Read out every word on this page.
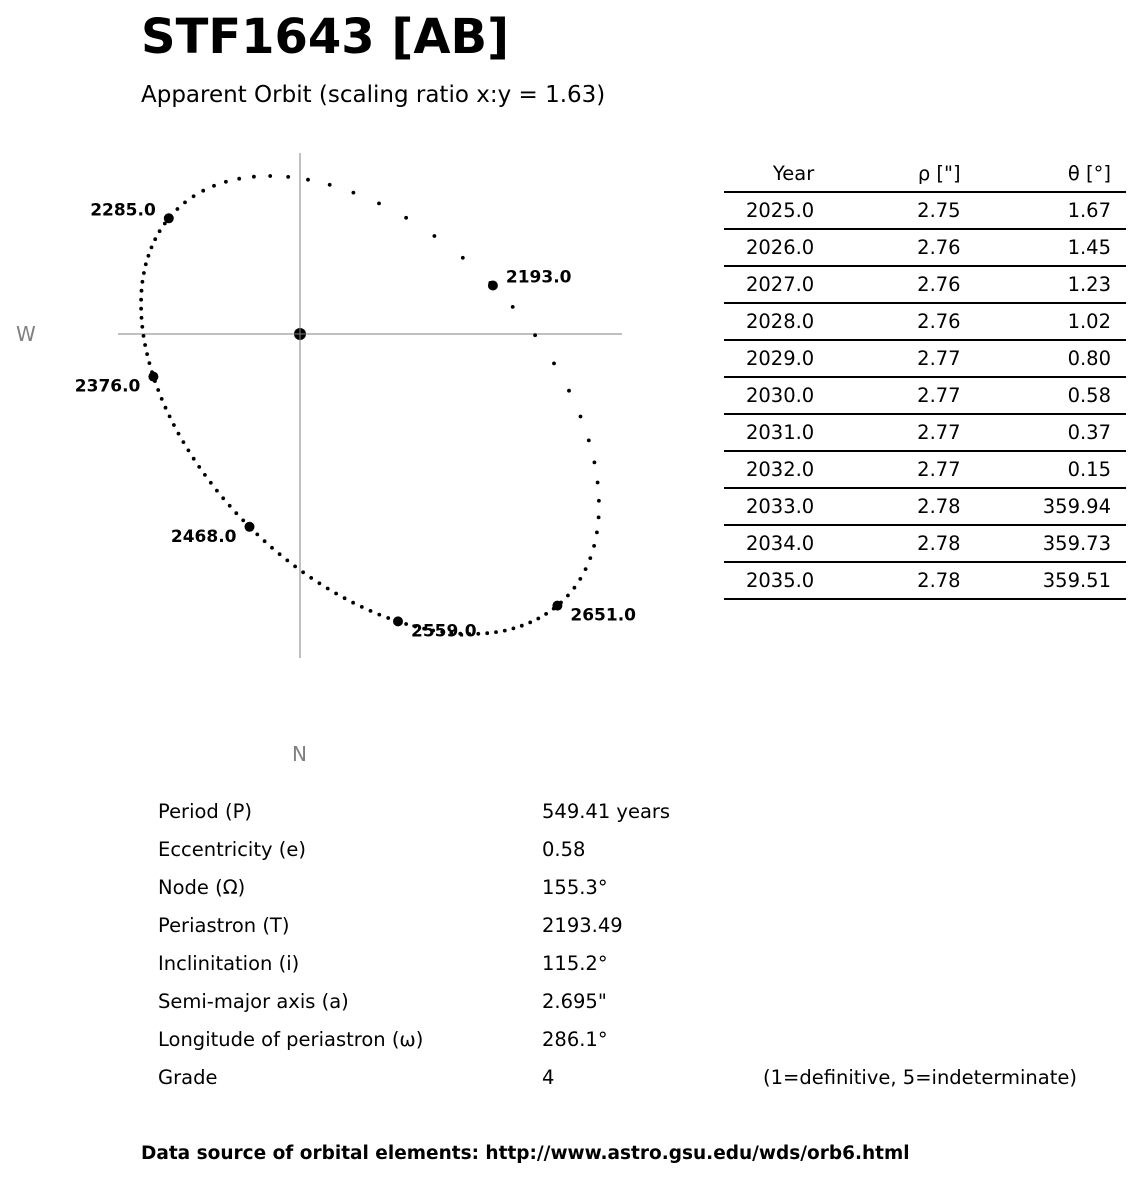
STF1643 [AB]
Apparent Orbit (scaling ratio x:y = 1.63)
2193.0
2285.0
2376.0
2468.0
2559.0
2651.0
W
N
Year	ρ ["]	θ [°]
2025.0	2.75	1.67
2026.0	2.76	1.45
2027.0	2.76	1.23
2028.0	2.76	1.02
2029.0	2.77	0.80
2030.0	2.77	0.58
2031.0	2.77	0.37
2032.0	2.77	0.15
2033.0	2.78	359.94
2034.0	2.78	359.73
2035.0	2.78	359.51
Period (P)	549.41 years
Eccentricity (e)	0.58
Node (Ω)	155.3°
Periastron (T)	2193.49
Inclinitation (i)	115.2°
Semi-major axis (a)	2.695"
Longitude of periastron (ω)	286.1°
Grade	4	(1=definitive, 5=indeterminate)
Data source of orbital elements: http://www.astro.gsu.edu/wds/orb6.html
